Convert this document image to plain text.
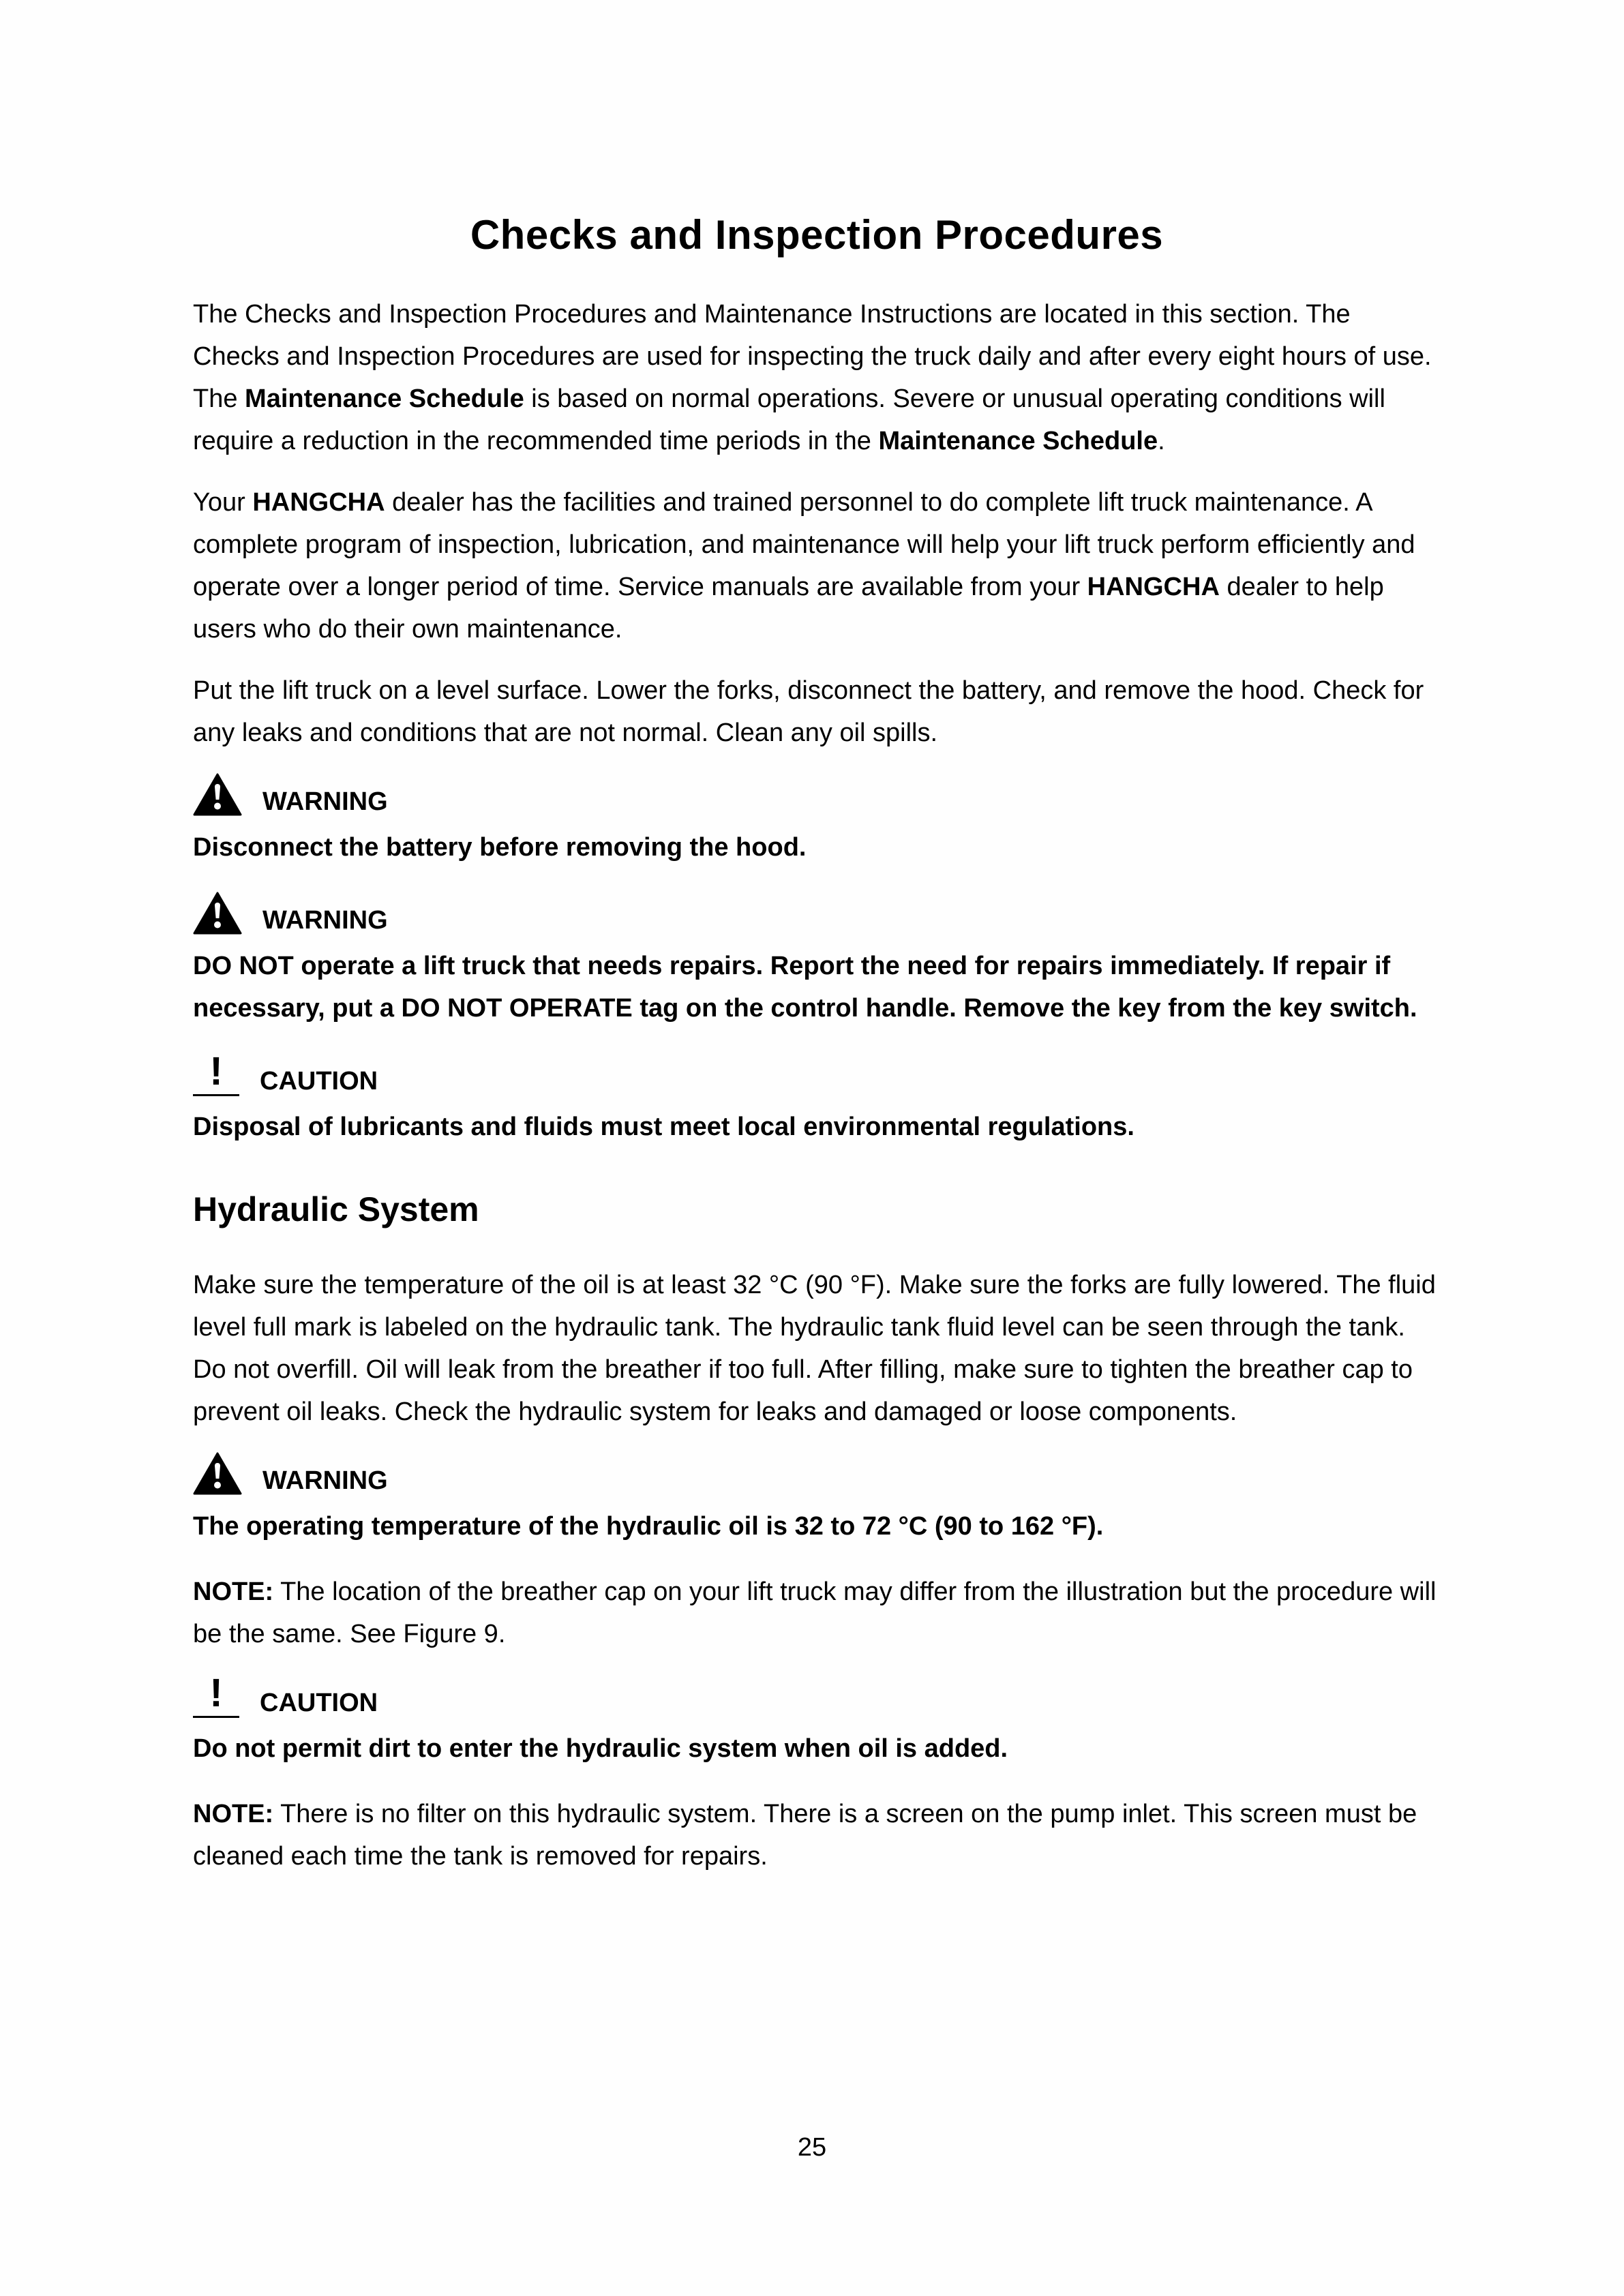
Checks and Inspection Procedures

The Checks and Inspection Procedures and Maintenance Instructions are located in this section. The Checks and Inspection Procedures are used for inspecting the truck daily and after every eight hours of use. The Maintenance Schedule is based on normal operations. Severe or unusual operating conditions will require a reduction in the recommended time periods in the Maintenance Schedule.

Your HANGCHA dealer has the facilities and trained personnel to do complete lift truck maintenance. A complete program of inspection, lubrication, and maintenance will help your lift truck perform efficiently and operate over a longer period of time. Service manuals are available from your HANGCHA dealer to help users who do their own maintenance.

Put the lift truck on a level surface. Lower the forks, disconnect the battery, and remove the hood. Check for any leaks and conditions that are not normal. Clean any oil spills.

WARNING

Disconnect the battery before removing the hood.

WARNING

DO NOT operate a lift truck that needs repairs. Report the need for repairs immediately. If repair if necessary, put a DO NOT OPERATE tag on the control handle. Remove the key from the key switch.

! CAUTION

Disposal of lubricants and fluids must meet local environmental regulations.

Hydraulic System

Make sure the temperature of the oil is at least 32 °C (90 °F). Make sure the forks are fully lowered. The fluid level full mark is labeled on the hydraulic tank. The hydraulic tank fluid level can be seen through the tank. Do not overfill. Oil will leak from the breather if too full. After filling, make sure to tighten the breather cap to prevent oil leaks. Check the hydraulic system for leaks and damaged or loose components.

WARNING

The operating temperature of the hydraulic oil is 32 to 72 °C (90 to 162 °F).

NOTE: The location of the breather cap on your lift truck may differ from the illustration but the procedure will be the same. See Figure 9.

! CAUTION

Do not permit dirt to enter the hydraulic system when oil is added.

NOTE: There is no filter on this hydraulic system. There is a screen on the pump inlet. This screen must be cleaned each time the tank is removed for repairs.

25
